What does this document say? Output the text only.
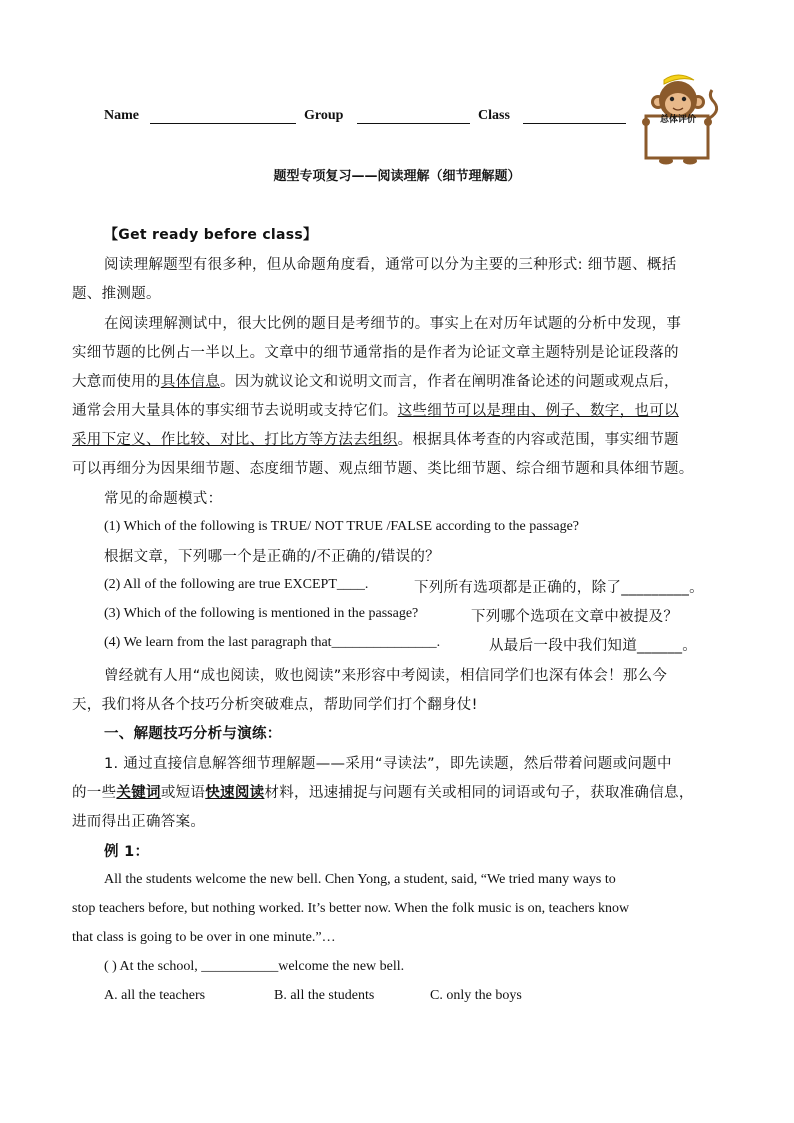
Name	Group	Class	总体评价
题型专项复习——阅读理解（细节理解题）
【Get ready before class】
阅读理解题型有很多种，但从命题角度看，通常可以分为主要的三种形式: 细节题、概括
题、推测题。
在阅读理解测试中，很大比例的题目是考细节的。事实上在对历年试题的分析中发现，事
实细节题的比例占一半以上。文章中的细节通常指的是作者为论证文章主题特别是论证段落的
大意而使用的具体信息。因为就议论文和说明文而言，作者在阐明准备论述的问题或观点后，
通常会用大量具体的事实细节去说明或支持它们。这些细节可以是理由、例子、数字，也可以
采用下定义、作比较、对比、打比方等方法去组织。根据具体考查的内容或范围，事实细节题
可以再细分为因果细节题、态度细节题、观点细节题、类比细节题、综合细节题和具体细节题。
常见的命题模式：
(1) Which of the following is TRUE/ NOT TRUE /FALSE according to the passage?
根据文章，下列哪一个是正确的/不正确的/错误的？
(2) All of the following are true EXCEPT____.	下列所有选项都是正确的，除了_________。
(3) Which of the following is mentioned in the passage?	下列哪个选项在文章中被提及？
(4) We learn from the last paragraph that_______________.	从最后一段中我们知道______。
曾经就有人用“成也阅读，败也阅读”来形容中考阅读，相信同学们也深有体会！那么今
天，我们将从各个技巧分析突破难点，帮助同学们打个翻身仗!
一、解题技巧分析与演练：
1. 通过直接信息解答细节理解题——采用“寻读法”，即先读题，然后带着问题或问题中
的一些关键词或短语快速阅读材料，迅速捕捉与问题有关或相同的词语或句子，获取准确信息，
进而得出正确答案。
例 1：
All the students welcome the new bell. Chen Yong, a student, said, “We tried many ways to
stop teachers before, but nothing worked. It’s better now. When the folk music is on, teachers know
that class is going to be over in one minute.”…
( ) At the school, ___________welcome the new bell.
A. all the teachers	B. all the students	C. only the boys
